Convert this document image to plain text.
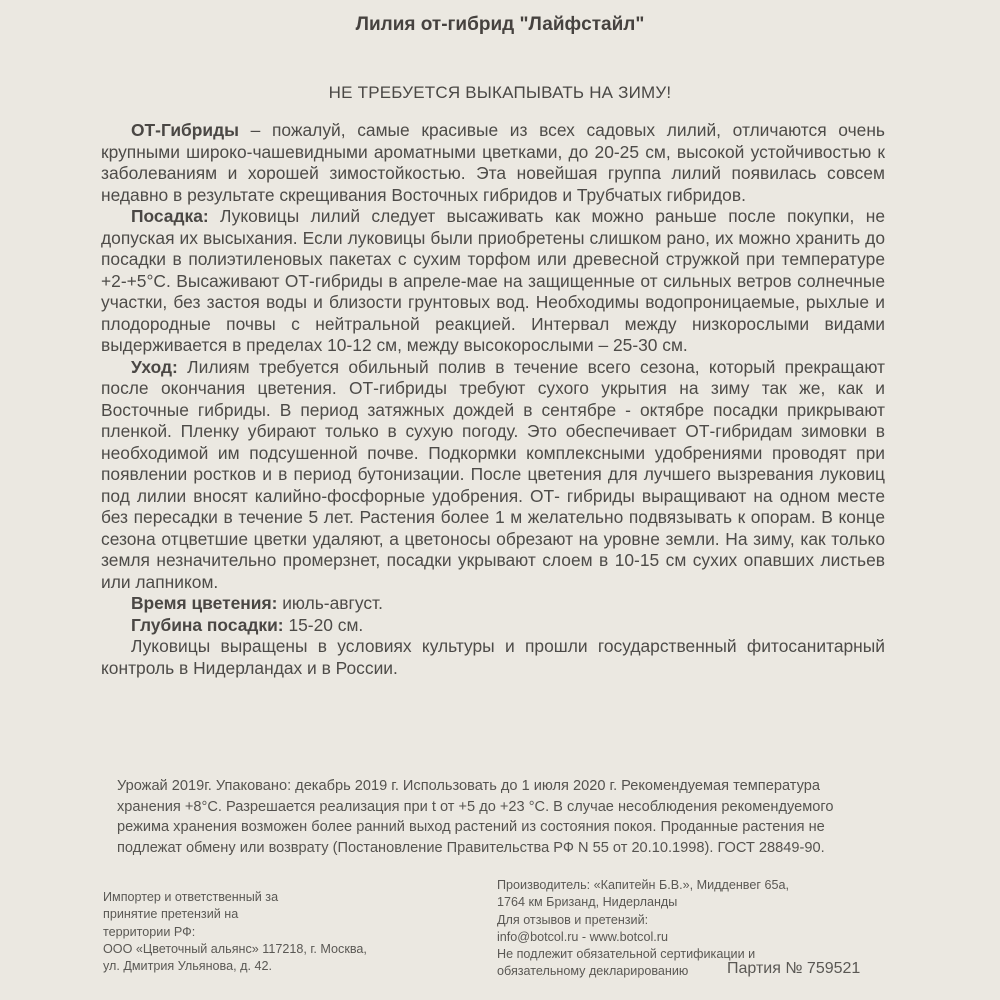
Лилия от-гибрид "Лайфстайл"
НЕ ТРЕБУЕТСЯ ВЫКАПЫВАТЬ НА ЗИМУ!

ОТ-Гибриды – пожалуй, самые красивые из всех садовых лилий, отличаются очень крупными широко-чашевидными ароматными цветками, до 20-25 см, высокой устойчивостью к заболеваниям и хорошей зимостойкостью. Эта новейшая группа лилий появилась совсем недавно в результате скрещивания Восточных гибридов и Трубчатых гибридов.

Посадка: Луковицы лилий следует высаживать как можно раньше после покупки, не допуская их высыхания. Если луковицы были приобретены слишком рано, их можно хранить до посадки в полиэтиленовых пакетах с сухим торфом или древесной стружкой при температуре +2-+5°С. Высаживают ОТ-гибриды в апреле-мае на защищенные от сильных ветров солнечные участки, без застоя воды и близости грунтовых вод. Необходимы водопроницаемые, рыхлые и плодородные почвы с нейтральной реакцией. Интервал между низкорослыми видами выдерживается в пределах 10-12 см, между высокорослыми – 25-30 см.

Уход: Лилиям требуется обильный полив в течение всего сезона, который прекращают после окончания цветения. ОТ-гибриды требуют сухого укрытия на зиму так же, как и Восточные гибриды. В период затяжных дождей в сентябре - октябре посадки прикрывают пленкой. Пленку убирают только в сухую погоду. Это обеспечивает ОТ-гибридам зимовки в необходимой им подсушенной почве. Подкормки комплексными удобрениями проводят при появлении ростков и в период бутонизации. После цветения для лучшего вызревания луковиц под лилии вносят калийно-фосфорные удобрения. ОТ- гибриды выращивают на одном месте без пересадки в течение 5 лет. Растения более 1 м желательно подвязывать к опорам. В конце сезона отцветшие цветки удаляют, а цветоносы обрезают на уровне земли. На зиму, как только земля незначительно промерзнет, посадки укрывают слоем в 10-15 см сухих опавших листьев или лапником.

Время цветения: июль-август.

Глубина посадки: 15-20 см.

Луковицы выращены в условиях культуры и прошли государственный фитосанитарный контроль в Нидерландах и в России.

Урожай 2019г. Упаковано: декабрь 2019 г. Использовать до 1 июля 2020 г. Рекомендуемая температура хранения +8°С. Разрешается реализация при t от +5 до +23 °С. В случае несоблюдения рекомендуемого режима хранения возможен более ранний выход растений из состояния покоя. Проданные растения не подлежат обмену или возврату (Постановление Правительства РФ N 55 от 20.10.1998). ГОСТ 28849-90.

Импортер и ответственный за
принятие претензий на
территории РФ:
ООО «Цветочный альянс» 117218, г. Москва,
ул. Дмитрия Ульянова, д. 42.
Производитель: «Капитейн Б.В.», Мидденвег 65а,
1764 км Бризанд, Нидерланды
Для отзывов и претензий:
info@botcol.ru - www.botcol.ru
Не подлежит обязательной сертификации и
обязательному декларированию	Партия № 759521
